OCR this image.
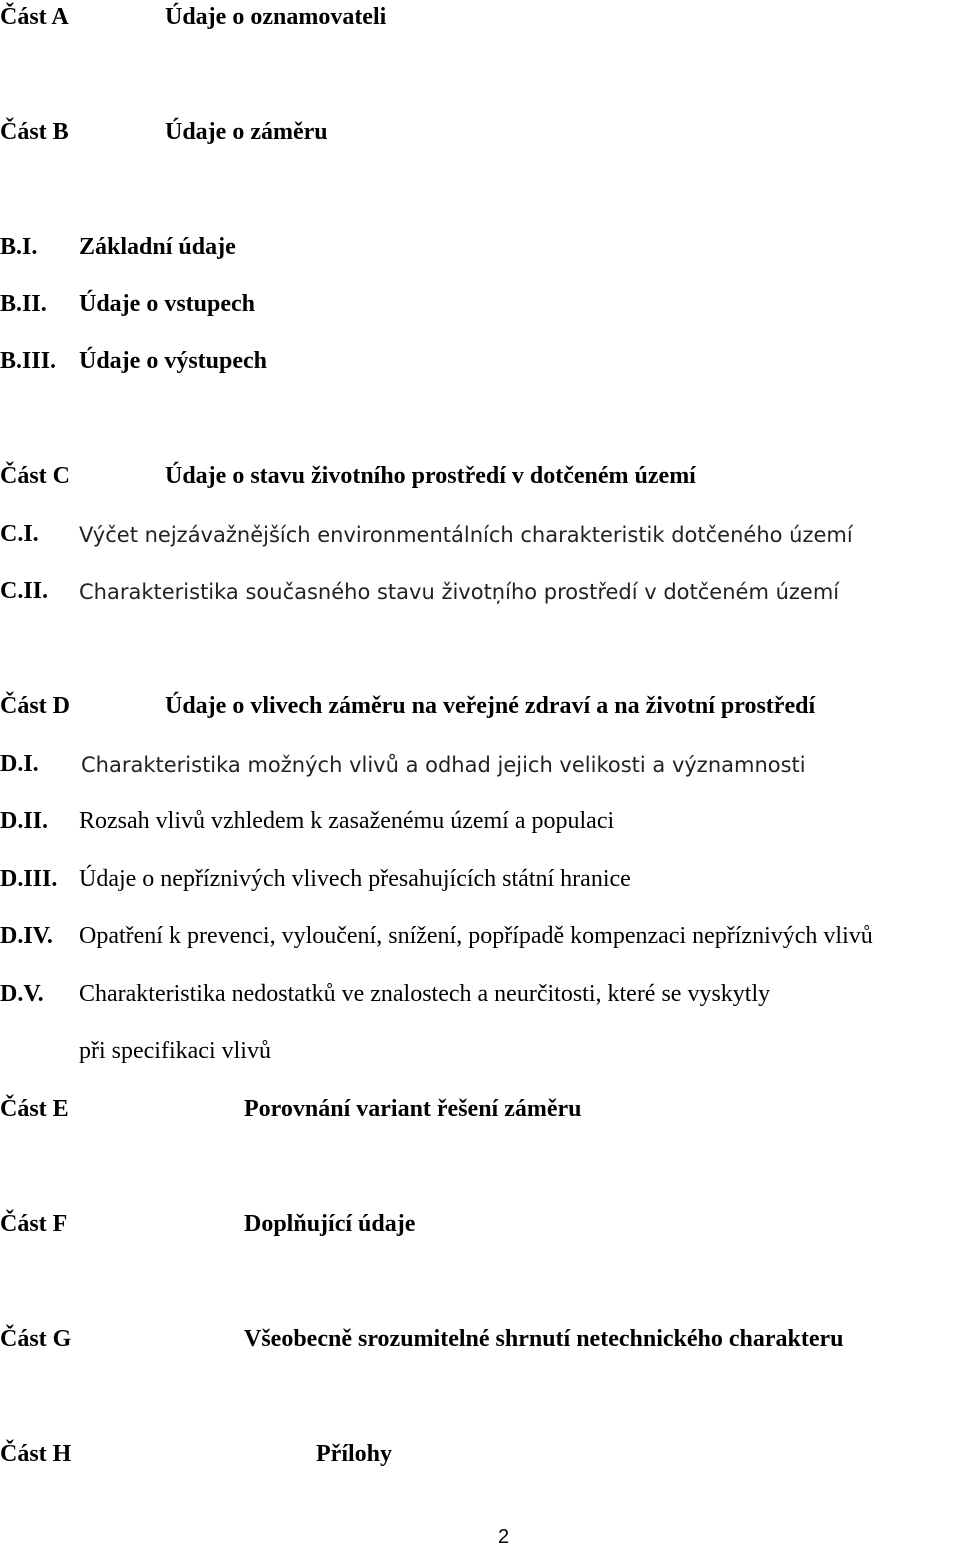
Část A	Údaje o oznamovateli
Část B	Údaje o záměru
B.I. Základní údaje
B.II. Údaje o vstupech
B.III. Údaje o výstupech
Část C	Údaje o stavu životního prostředí v dotčeném území
C.I. Výčet nejzávažnějších environmentálních charakteristik dotčeného území
C.II. Charakteristika současného stavu životņího prostředí v dotčeném území
Část D	Údaje o vlivech záměru na veřejné zdraví a na životní prostředí
D.I. Charakteristika možných vlivů a odhad jejich velikosti a významnosti
D.II. Rozsah vlivů vzhledem k zasaženému území a populaci
D.III. Údaje o nepříznivých vlivech přesahujících státní hranice
D.IV. Opatření k prevenci, vyloučení, snížení, popřípadě kompenzaci nepříznivých vlivů
D.V. Charakteristika nedostatků ve znalostech a neurčitosti, které se vyskytly
při specifikaci vlivů
Část E	Porovnání variant řešení záměru
Část F	Doplňující údaje
Část G	Všeobecně srozumitelné shrnutí netechnického charakteru
Část H	Přílohy
2
